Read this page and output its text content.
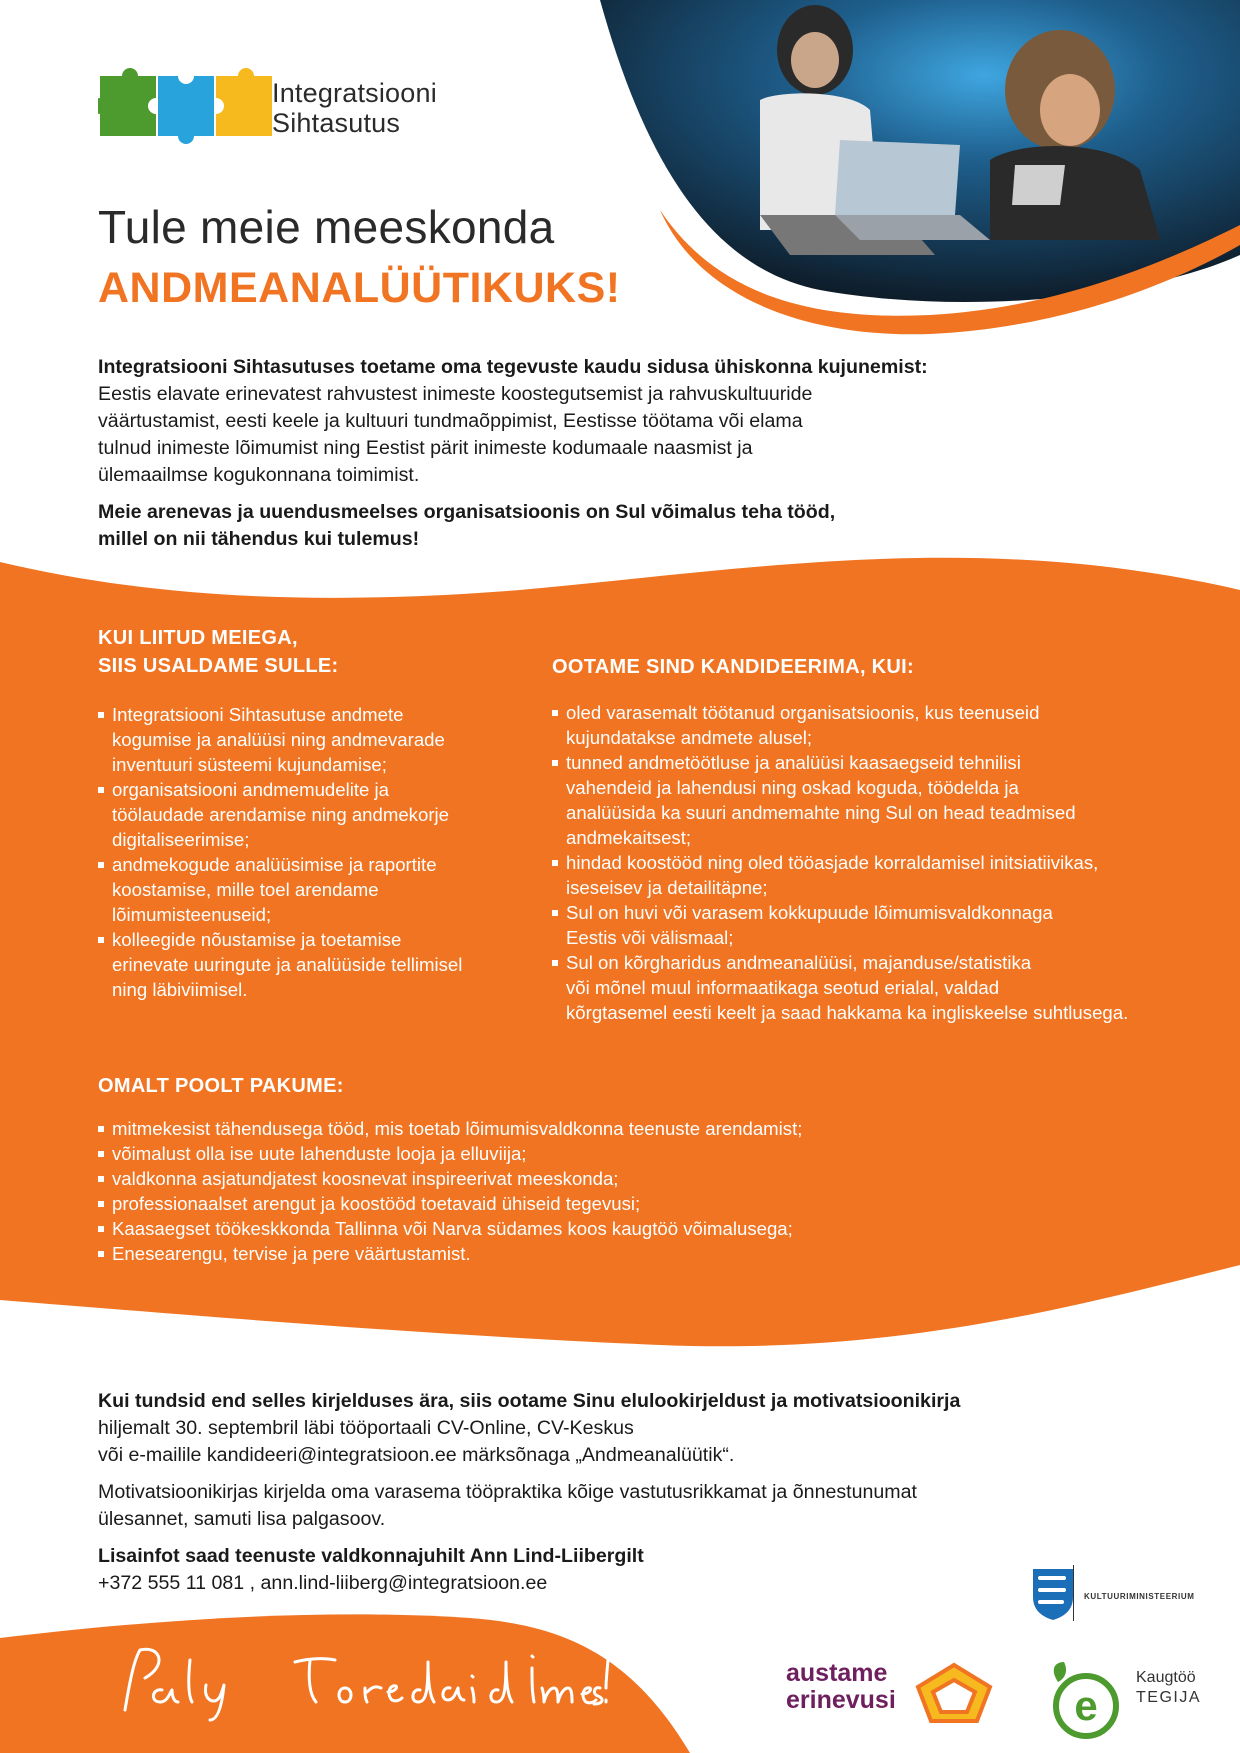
Integratsiooni
Sihtasutus
Tule meie meeskonda
ANDMEANALÜÜTIKUKS!

Integratsiooni Sihtasutuses toetame oma tegevuste kaudu sidusa ühiskonna kujunemist:
Eestis elavate erinevatest rahvustest inimeste koostegutsemist ja rahvuskultuuride
väärtustamist, eesti keele ja kultuuri tundmaõppimist, Eestisse töötama või elama
tulnud inimeste lõimumist ning Eestist pärit inimeste kodumaale naasmist ja
ülemaailmse kogukonnana toimimist.

Meie arenevas ja uuendusmeelses organisatsioonis on Sul võimalus teha tööd,
millel on nii tähendus kui tulemus!

KUI LIITUD MEIEGA,
SIIS USALDAME SULLE:
Integratsiooni Sihtasutuse andmete
kogumise ja analüüsi ning andmevarade
inventuuri süsteemi kujundamise;
organisatsiooni andmemudelite ja
töölaudade arendamise ning andmekorje
digitaliseerimise;
andmekogude analüüsimise ja raportite
koostamise, mille toel arendame
lõimumisteenuseid;
kolleegide nõustamise ja toetamise
erinevate uuringute ja analüüside tellimisel
ning läbiviimisel.
OOTAME SIND KANDIDEERIMA, KUI:
oled varasemalt töötanud organisatsioonis, kus teenuseid
kujundatakse andmete alusel;
tunned andmetöötluse ja analüüsi kaasaegseid tehnilisi
vahendeid ja lahendusi ning oskad koguda, töödelda ja
analüüsida ka suuri andmemahte ning Sul on head teadmised
andmekaitsest;
hindad koostööd ning oled tööasjade korraldamisel initsiatiivikas,
iseseisev ja detailitäpne;
Sul on huvi või varasem kokkupuude lõimumisvaldkonnaga
Eestis või välismaal;
Sul on kõrgharidus andmeanalüüsi, majanduse/statistika
või mõnel muul informaatikaga seotud erialal, valdad
kõrgtasemel eesti keelt ja saad hakkama ka ingliskeelse suhtlusega.
OMALT POOLT PAKUME:
mitmekesist tähendusega tööd, mis toetab lõimumisvaldkonna teenuste arendamist;
võimalust olla ise uute lahenduste looja ja elluviija;
valdkonna asjatundjatest koosnevat inspireerivat meeskonda;
professionaalset arengut ja koostööd toetavaid ühiseid tegevusi;
Kaasaegset töökeskkonda Tallinna või Narva südames koos kaugtöö võimalusega;
Enesearengu, tervise ja pere väärtustamist.

Kui tundsid end selles kirjelduses ära, siis ootame Sinu elulookirjeldust ja motivatsioonikirja
hiljemalt 30. septembril läbi tööportaali CV-Online, CV-Keskus
või e-mailile kandideeri@integratsioon.ee märksõnaga „Andmeanalüütik“.

Motivatsioonikirjas kirjelda oma varasema tööpraktika kõige vastutusrikkamat ja õnnestunumat
ülesannet, samuti lisa palgasoov.

Lisainfot saad teenuste valdkonnajuhilt Ann Lind-Liibergilt
+372 555 11 081 , ann.lind-liiberg@integratsioon.ee

KULTUURIMINISTEERIUM
austame
erinevusi	e
Kaugtöö
TEGIJA
